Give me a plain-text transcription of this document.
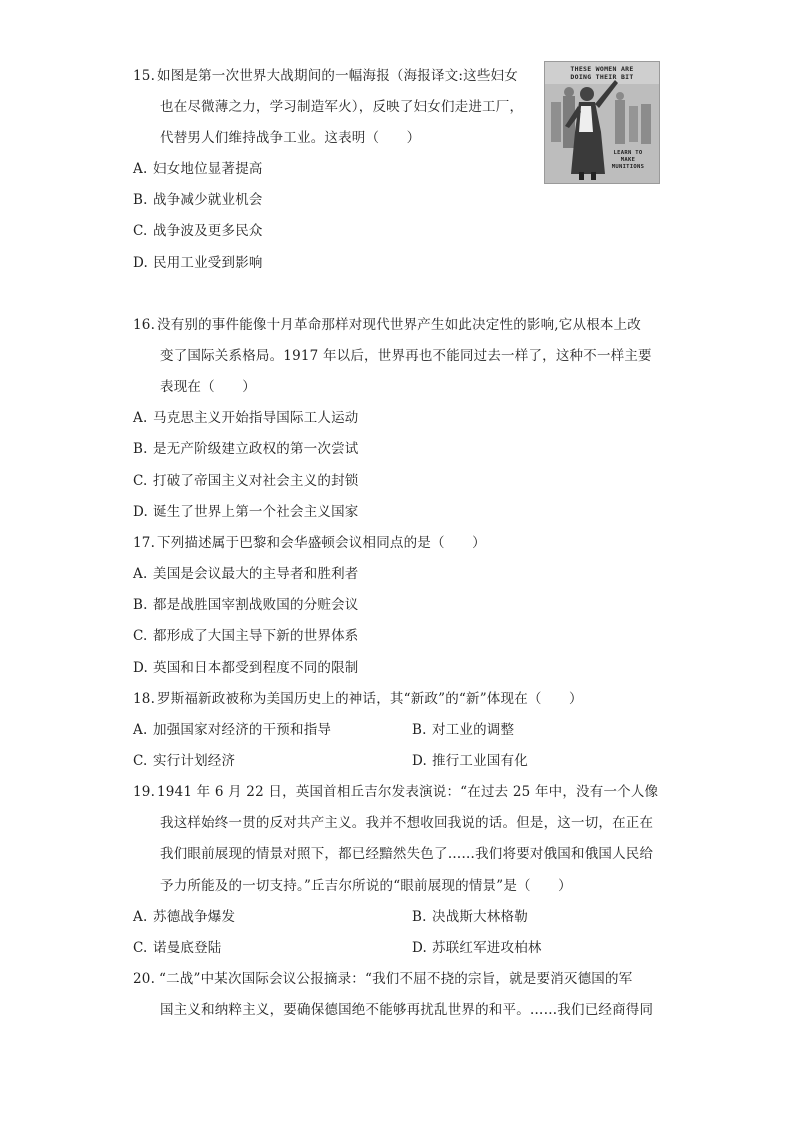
15. 如图是第一次世界大战期间的一幅海报（海报译文:这些妇女
也在尽微薄之力，学习制造军火），反映了妇女们走进工厂，
代替男人们维持战争工业。这表明（　　）
THESE WOMEN ARE
DOING THEIR BIT
LEARN TO
MAKE
MUNITIONS
A. 妇女地位显著提高
B. 战争减少就业机会
C. 战争波及更多民众
D. 民用工业受到影响
16. 没有别的事件能像十月革命那样对现代世界产生如此决定性的影响,它从根本上改
变了国际关系格局。1917 年以后，世界再也不能同过去一样了，这种不一样主要
表现在（　　）
A. 马克思主义开始指导国际工人运动
B. 是无产阶级建立政权的第一次尝试
C. 打破了帝国主义对社会主义的封锁
D. 诞生了世界上第一个社会主义国家
17. 下列描述属于巴黎和会华盛顿会议相同点的是（　　）
A. 美国是会议最大的主导者和胜利者
B. 都是战胜国宰割战败国的分赃会议
C. 都形成了大国主导下新的世界体系
D. 英国和日本都受到程度不同的限制
18. 罗斯福新政被称为美国历史上的神话，其“新政”的“新”体现在（　　）
A. 加强国家对经济的干预和指导	B. 对工业的调整
C. 实行计划经济	D. 推行工业国有化
19. 1941 年 6 月 22 日，英国首相丘吉尔发表演说：“在过去 25 年中，没有一个人像
我这样始终一贯的反对共产主义。我并不想收回我说的话。但是，这一切，在正在
我们眼前展现的情景对照下，都已经黯然失色了……我们将要对俄国和俄国人民给
予力所能及的一切支持。”丘吉尔所说的“眼前展现的情景”是（　　）
A. 苏德战争爆发	B. 决战斯大林格勒
C. 诺曼底登陆	D. 苏联红军进攻柏林
20. “二战”中某次国际会议公报摘录：“我们不屈不挠的宗旨，就是要消灭德国的军
国主义和纳粹主义，要确保德国绝不能够再扰乱世界的和平。……我们已经商得同
